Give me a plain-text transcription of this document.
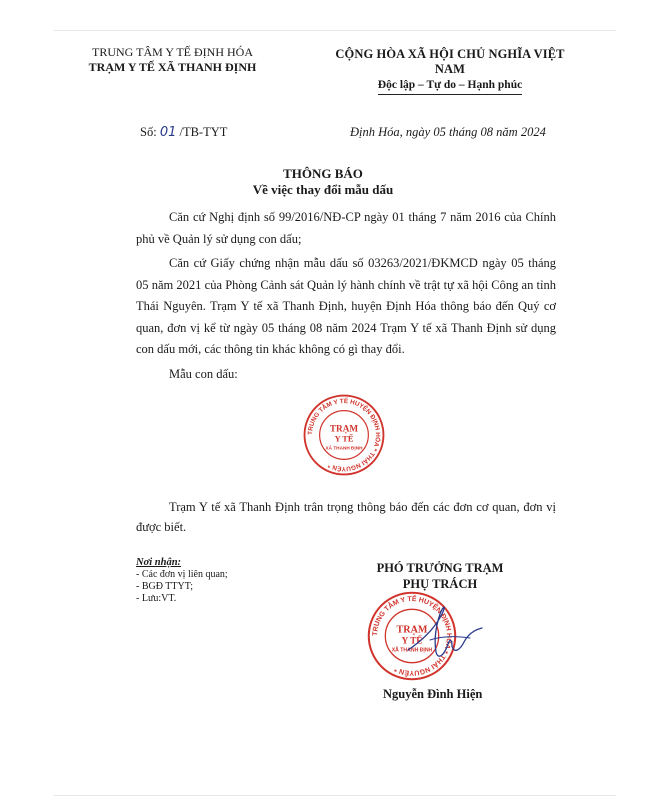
TRUNG TÂM Y TẾ ĐỊNH HÓA
TRẠM Y TẾ XÃ THANH ĐỊNH
CỘNG HÒA XÃ HỘI CHỦ NGHĨA VIỆT NAM
Độc lập – Tự do – Hạnh phúc
Số: 01 /TB-TYT	Định Hóa, ngày 05 tháng 08 năm 2024
THÔNG BÁO
Về việc thay đổi mẫu dấu

Căn cứ Nghị định số 99/2016/NĐ-CP ngày 01 tháng 7 năm 2016 của Chính phủ về Quản lý sử dụng con dấu;

Căn cứ Giấy chứng nhận mẫu dấu số 03263/2021/ĐKMCD ngày 05 tháng 05 năm 2021 của Phòng Cảnh sát Quản lý hành chính về trật tự xã hội Công an tỉnh Thái Nguyên. Trạm Y tế xã Thanh Định, huyện Định Hóa thông báo đến Quý cơ quan, đơn vị kể từ ngày 05 tháng 08 năm 2024 Trạm Y tế xã Thanh Định sử dụng con dấu mới, các thông tin khác không có gì thay đổi.

Mẫu con dấu:

TRUNG TÂM Y TẾ HUYỆN ĐỊNH HÓA * THÁI NGUYÊN *
TRẠM
Y TẾ
XÃ THANH ĐỊNH
Trạm Y tế xã Thanh Định trân trọng thông báo đến các đơn cơ quan, đơn vị được biết.
Nơi nhận:
- Các đơn vị liên quan;
- BGĐ TTYT;
- Lưu:VT.
PHÓ TRƯỞNG TRẠM
PHỤ TRÁCH
TRUNG TÂM Y TẾ HUYỆN ĐỊNH HÓA * THÁI NGUYÊN *
TRẠM
Y TẾ
XÃ THANH ĐỊNH
Nguyễn Đình Hiện
